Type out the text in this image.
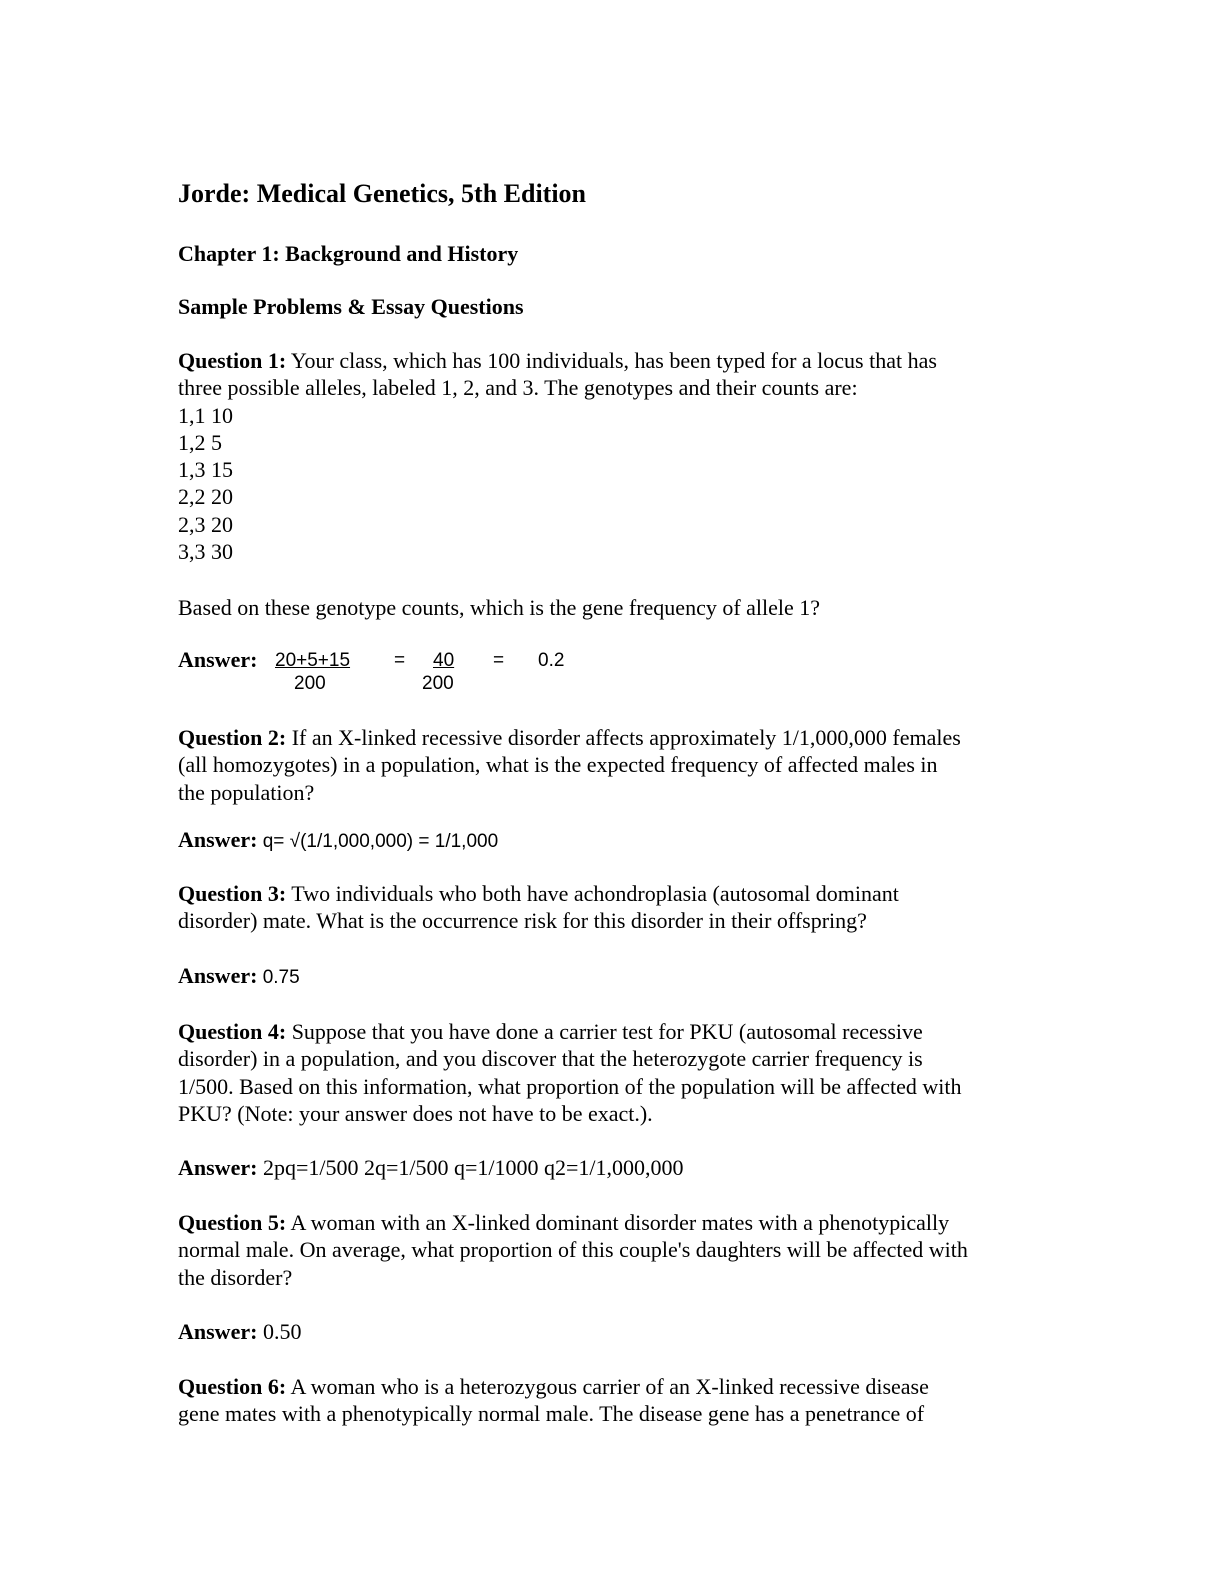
Jorde: Medical Genetics, 5th Edition
Chapter 1: Background and History
Sample Problems & Essay Questions
Question 1: Your class, which has 100 individuals, has been typed for a locus that has
three possible alleles, labeled 1, 2, and 3. The genotypes and their counts are:
1,1 10
1,2 5
1,3 15
2,2 20
2,3 20
3,3 30
Based on these genotype counts, which is the gene frequency of allele 1?
Answer: 20+5+15
200
= 40
200
= 0.2
Question 2: If an X-linked recessive disorder affects approximately 1/1,000,000 females
(all homozygotes) in a population, what is the expected frequency of affected males in
the population?
Answer: q= √(1/1,000,000) = 1/1,000
Question 3: Two individuals who both have achondroplasia (autosomal dominant
disorder) mate. What is the occurrence risk for this disorder in their offspring?
Answer: 0.75
Question 4: Suppose that you have done a carrier test for PKU (autosomal recessive
disorder) in a population, and you discover that the heterozygote carrier frequency is
1/500. Based on this information, what proportion of the population will be affected with
PKU? (Note: your answer does not have to be exact.).
Answer: 2pq=1/500 2q=1/500 q=1/1000 q2=1/1,000,000
Question 5: A woman with an X-linked dominant disorder mates with a phenotypically
normal male. On average, what proportion of this couple's daughters will be affected with
the disorder?
Answer: 0.50
Question 6: A woman who is a heterozygous carrier of an X-linked recessive disease
gene mates with a phenotypically normal male. The disease gene has a penetrance of
